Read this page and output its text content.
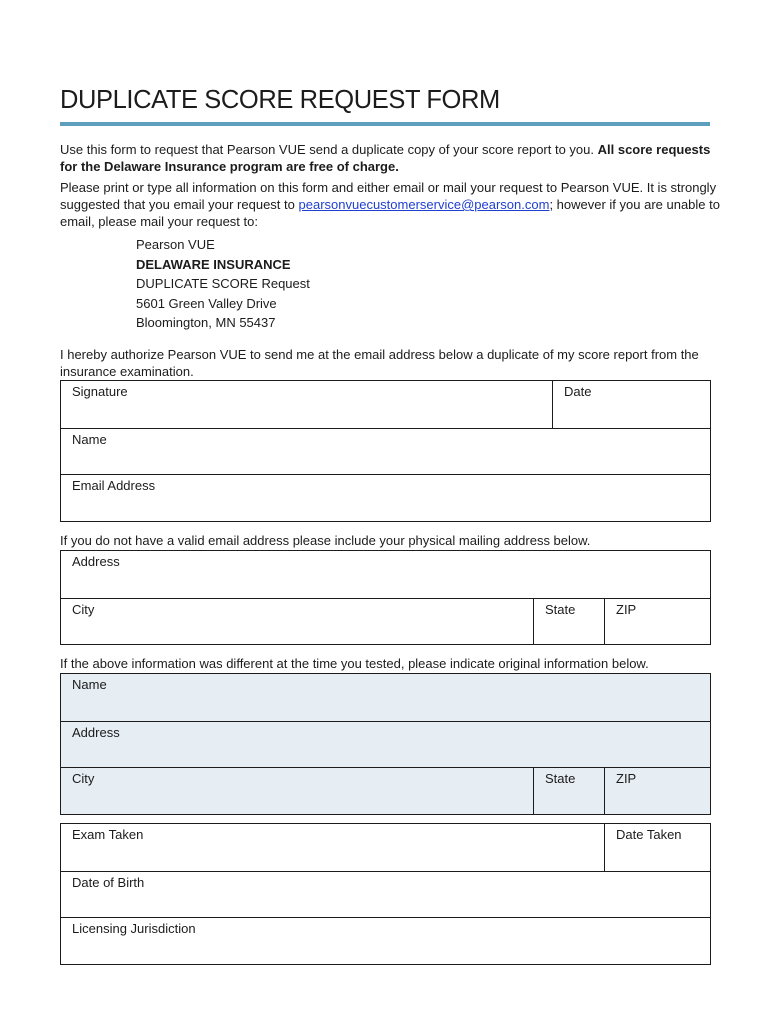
DUPLICATE SCORE REQUEST FORM

Use this form to request that Pearson VUE send a duplicate copy of your score report to you. All score requests for the Delaware Insurance program are free of charge.

Please print or type all information on this form and either email or mail your request to Pearson VUE. It is strongly suggested that you email your request to pearsonvuecustomerservice@pearson.com; however if you are unable to email, please mail your request to:

Pearson VUE
DELAWARE INSURANCE
DUPLICATE SCORE Request
5601 Green Valley Drive
Bloomington, MN 55437

I hereby authorize Pearson VUE to send me at the email address below a duplicate of my score report from the insurance examination.

Signature	Date
Name
Email Address

If you do not have a valid email address please include your physical mailing address below.

Address
City	State	ZIP

If the above information was different at the time you tested, please indicate original information below.

Name
Address
City	State	ZIP
Exam Taken	Date Taken
Date of Birth
Licensing Jurisdiction
